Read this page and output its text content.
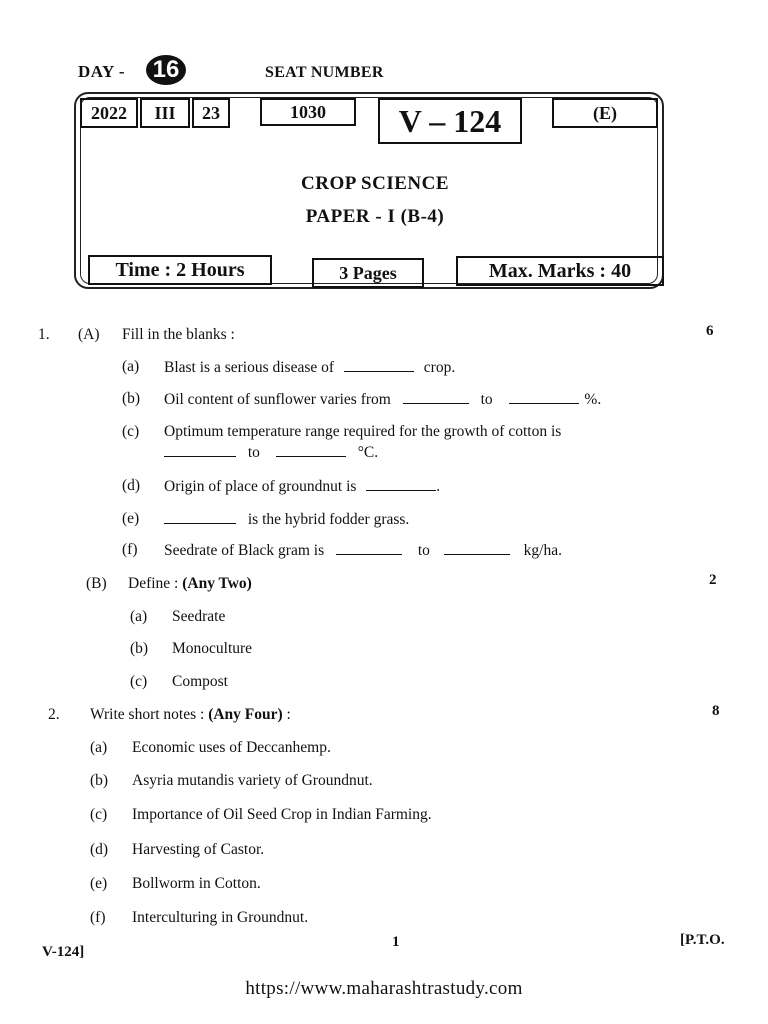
DAY - 16	SEAT NUMBER
2022	III	23	1030	V – 124	(E)
CROP SCIENCE
PAPER - I (B-4)
Time : 2 Hours	3 Pages	Max. Marks : 40
1. (A) Fill in the blanks :	6
(a) Blast is a serious disease of	crop.
(b) Oil content of sunflower varies from	to	%.
(c) Optimum temperature range required for the growth of cotton is
to	°C.
(d) Origin of place of groundnut is	.
(e)	is the hybrid fodder grass.
(f) Seedrate of Black gram is	to	kg/ha.
(B) Define : (Any Two)	2
(a) Seedrate
(b) Monoculture
(c) Compost
2. Write short notes : (Any Four) :	8
(a) Economic uses of Deccanhemp.
(b) Asyria mutandis variety of Groundnut.
(c) Importance of Oil Seed Crop in Indian Farming.
(d) Harvesting of Castor.
(e) Bollworm in Cotton.
(f) Interculturing in Groundnut.
V-124]
1	[P.T.O.
https://www.maharashtrastudy.com
